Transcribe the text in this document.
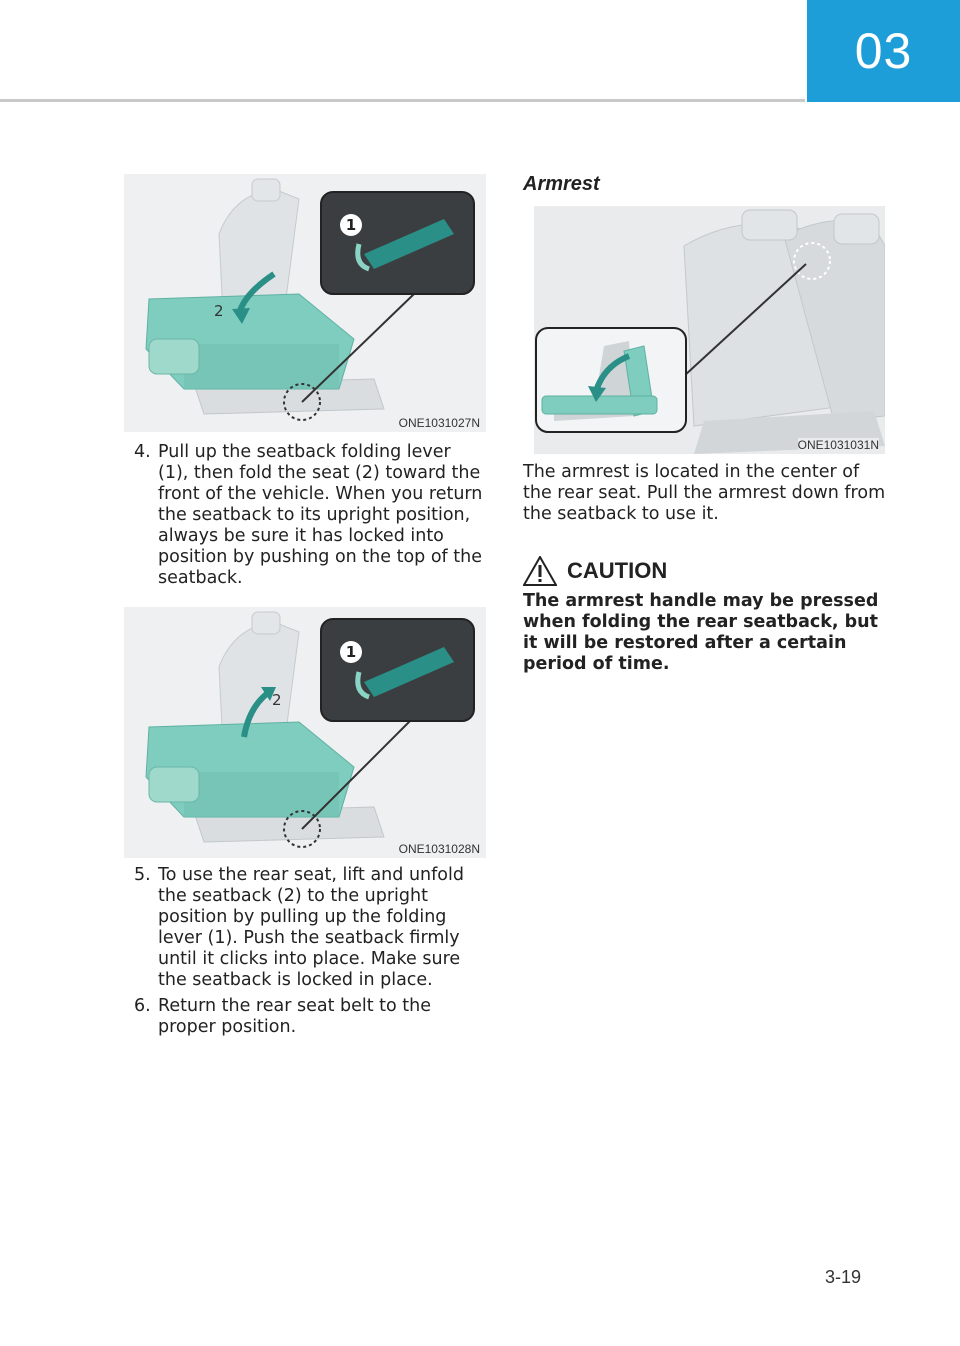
03
1
2
ONE1031027N
4. Pull up the seatback folding lever (1), then fold the seat (2) toward the front of the vehicle. When you return the seatback to its upright position, always be sure it has locked into position by pushing on the top of the seatback.
1
2
ONE1031028N
5. To use the rear seat, lift and unfold the seatback (2) to the upright position by pulling up the folding lever (1). Push the seatback firmly until it clicks into place. Make sure the seatback is locked in place.
6. Return the rear seat belt to the proper position.
Armrest
ONE1031031N
The armrest is located in the center of the rear seat. Pull the armrest down from the seatback to use it.
CAUTION
The armrest handle may be pressed when folding the rear seatback, but it will be restored after a certain period of time.
3-19
